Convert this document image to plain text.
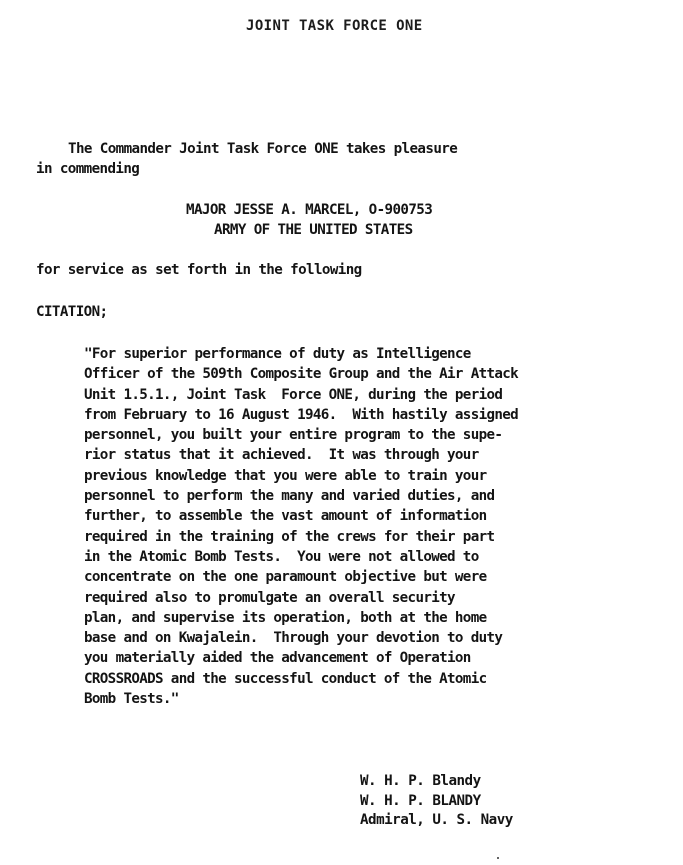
JOINT TASK FORCE ONE
The Commander Joint Task Force ONE takes pleasure
in commending
MAJOR JESSE A. MARCEL, O-900753
ARMY OF THE UNITED STATES
for service as set forth in the following
CITATION;
"For superior performance of duty as Intelligence
Officer of the 509th Composite Group and the Air Attack
Unit 1.5.1., Joint Task  Force ONE, during the period
from February to 16 August 1946.  With hastily assigned
personnel, you built your entire program to the supe-
rior status that it achieved.  It was through your
previous knowledge that you were able to train your
personnel to perform the many and varied duties, and
further, to assemble the vast amount of information
required in the training of the crews for their part
in the Atomic Bomb Tests.  You were not allowed to
concentrate on the one paramount objective but were
required also to promulgate an overall security
plan, and supervise its operation, both at the home
base and on Kwajalein.  Through your devotion to duty
you materially aided the advancement of Operation
CROSSROADS and the successful conduct of the Atomic
Bomb Tests."
W. H. P. Blandy
W. H. P. BLANDY
Admiral, U. S. Navy
